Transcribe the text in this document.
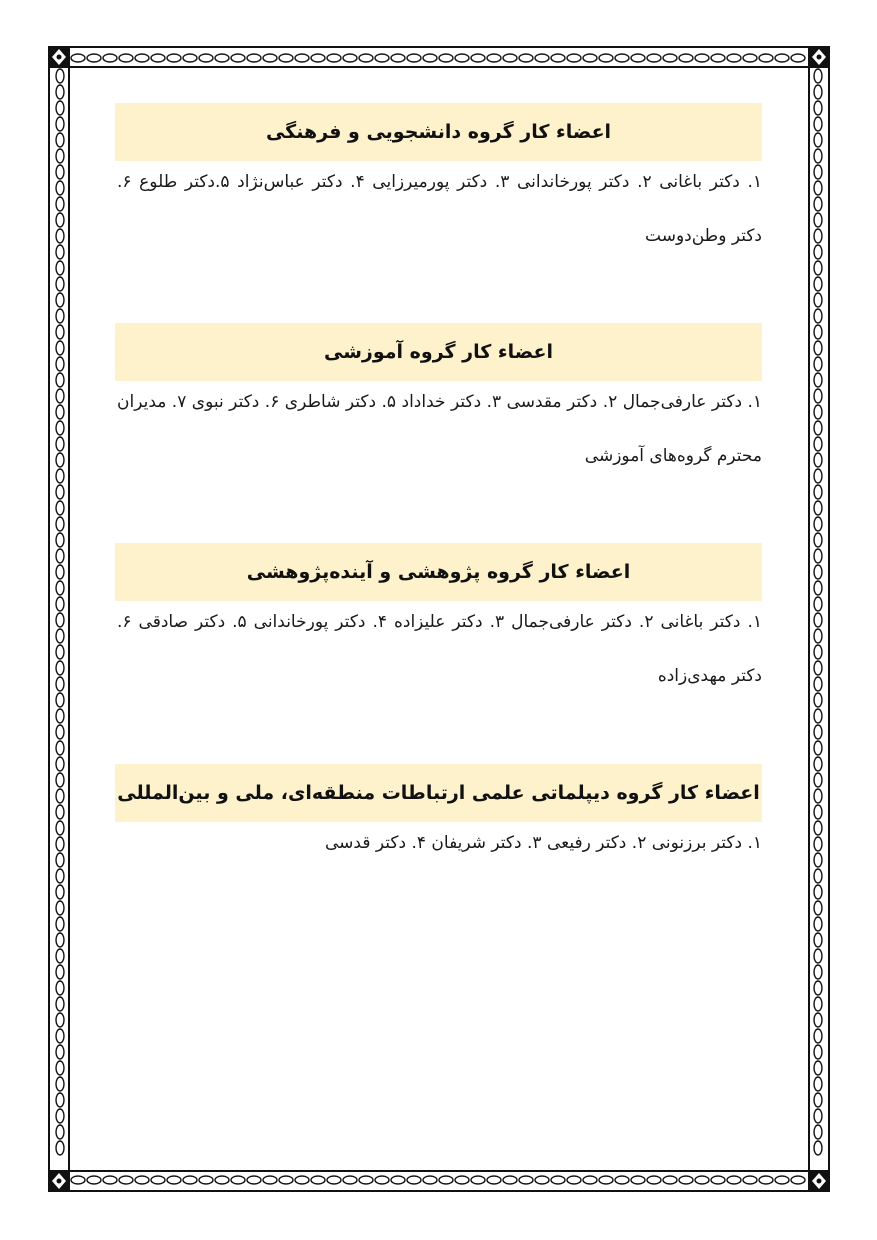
اعضاء کار گروه دانشجویی و فرهنگی
۱. دکتر باغانی ۲. دکتر پورخاندانی ۳. دکتر پورمیرزایی ۴. دکتر عباس‌نژاد ۵.دکتر طلوع ۶. دکتر وطن‌دوست
اعضاء کار گروه آموزشی
۱. دکتر عارفی‌جمال ۲. دکتر مقدسی ۳. دکتر خداداد ۵. دکتر شاطری ۶. دکتر نبوی ۷. مدیران محترم گروه‌های آموزشی
اعضاء کار گروه پژوهشی و آینده‌پژوهشی
۱. دکتر باغانی ۲. دکتر عارفی‌جمال ۳. دکتر علیزاده ۴. دکتر پورخاندانی ۵. دکتر صادقی ۶. دکتر مهدی‌زاده
اعضاء کار گروه دیپلماتی علمی ارتباطات منطقه‌ای، ملی و بین‌المللی
۱. دکتر برزنونی ۲. دکتر رفیعی ۳. دکتر شریفان ۴. دکتر قدسی
